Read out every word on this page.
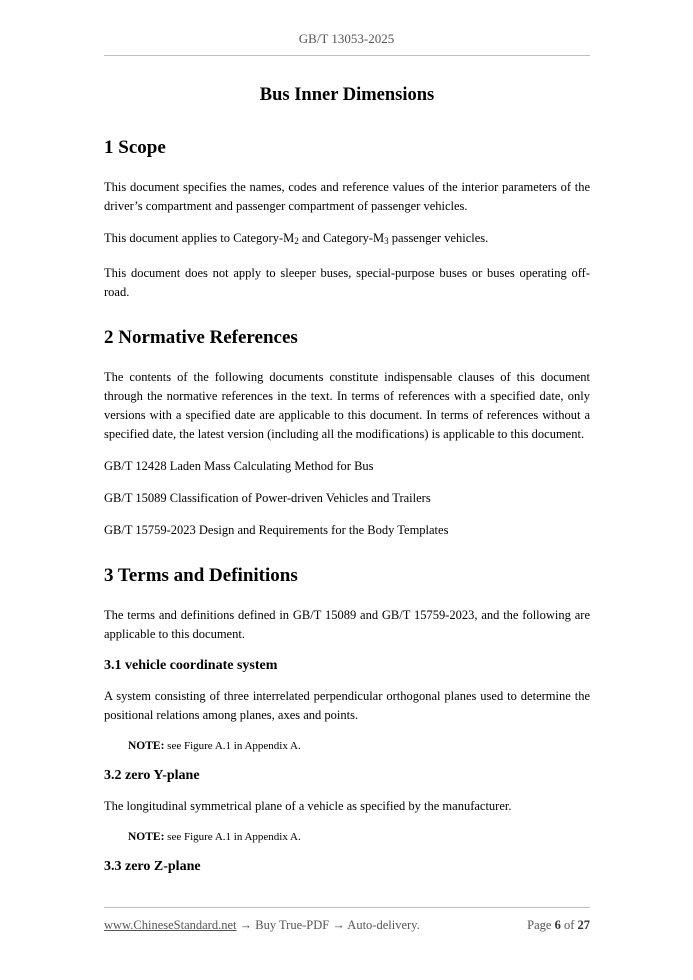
GB/T 13053-2025
Bus Inner Dimensions
1 Scope

This document specifies the names, codes and reference values of the interior parameters of the driver’s compartment and passenger compartment of passenger vehicles.

This document applies to Category-M2 and Category-M3 passenger vehicles.

This document does not apply to sleeper buses, special-purpose buses or buses operating off-road.

2 Normative References

The contents of the following documents constitute indispensable clauses of this document through the normative references in the text. In terms of references with a specified date, only versions with a specified date are applicable to this document. In terms of references without a specified date, the latest version (including all the modifications) is applicable to this document.

GB/T 12428 Laden Mass Calculating Method for Bus

GB/T 15089 Classification of Power-driven Vehicles and Trailers

GB/T 15759-2023 Design and Requirements for the Body Templates

3 Terms and Definitions

The terms and definitions defined in GB/T 15089 and GB/T 15759-2023, and the following are applicable to this document.

3.1 vehicle coordinate system

A system consisting of three interrelated perpendicular orthogonal planes used to determine the positional relations among planes, axes and points.

NOTE: see Figure A.1 in Appendix A.

3.2 zero Y-plane

The longitudinal symmetrical plane of a vehicle as specified by the manufacturer.

NOTE: see Figure A.1 in Appendix A.

3.3 zero Z-plane
www.ChineseStandard.net → Buy True-PDF → Auto-delivery.	Page 6 of 27
